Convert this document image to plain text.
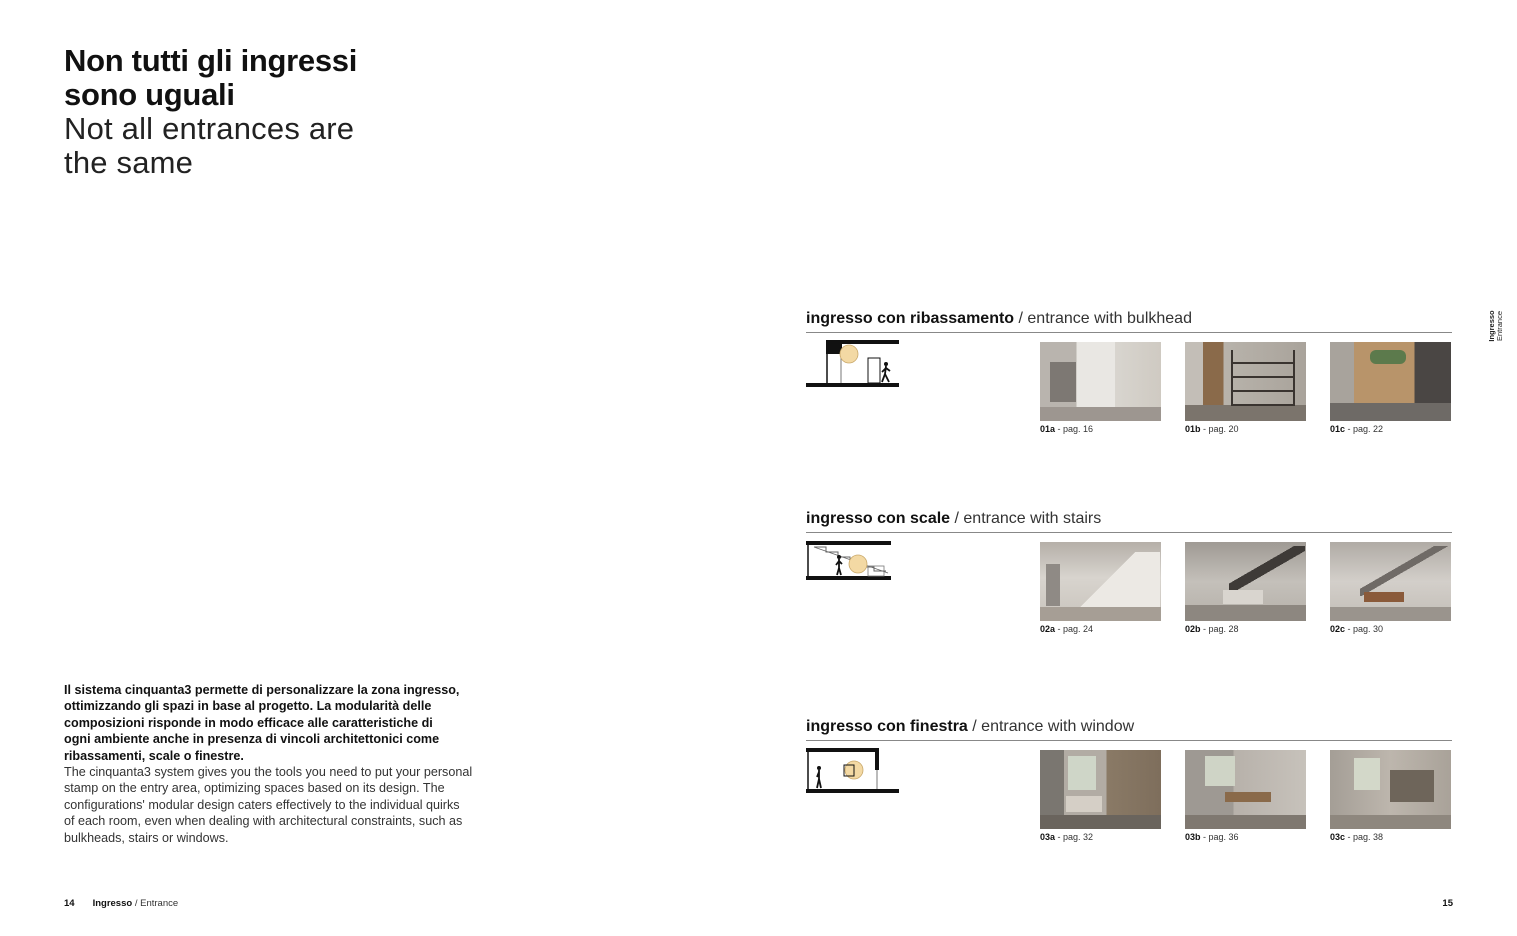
Non tutti gli ingressi
sono uguali
Not all entrances are
the same
Il sistema cinquanta3 permette di personalizzare la zona ingresso,
ottimizzando gli spazi in base al progetto. La modularità delle
composizioni risponde in modo efficace alle caratteristiche di
ogni ambiente anche in presenza di vincoli architettonici come
ribassamenti, scale o finestre.
The cinquanta3 system gives you the tools you need to put your personal
stamp on the entry area, optimizing spaces based on its design. The
configurations' modular design caters effectively to the individual quirks
of each room, even when dealing with architectural constraints, such as
bulkheads, stairs or windows.
14 Ingresso / Entrance	15
Ingresso Entrance
ingresso con ribassamento / entrance with bulkhead
01a - pag. 16	01b - pag. 20	01c - pag. 22
ingresso con scale / entrance with stairs
02a - pag. 24	02b - pag. 28	02c - pag. 30
ingresso con finestra / entrance with window
03a - pag. 32	03b - pag. 36	03c - pag. 38
